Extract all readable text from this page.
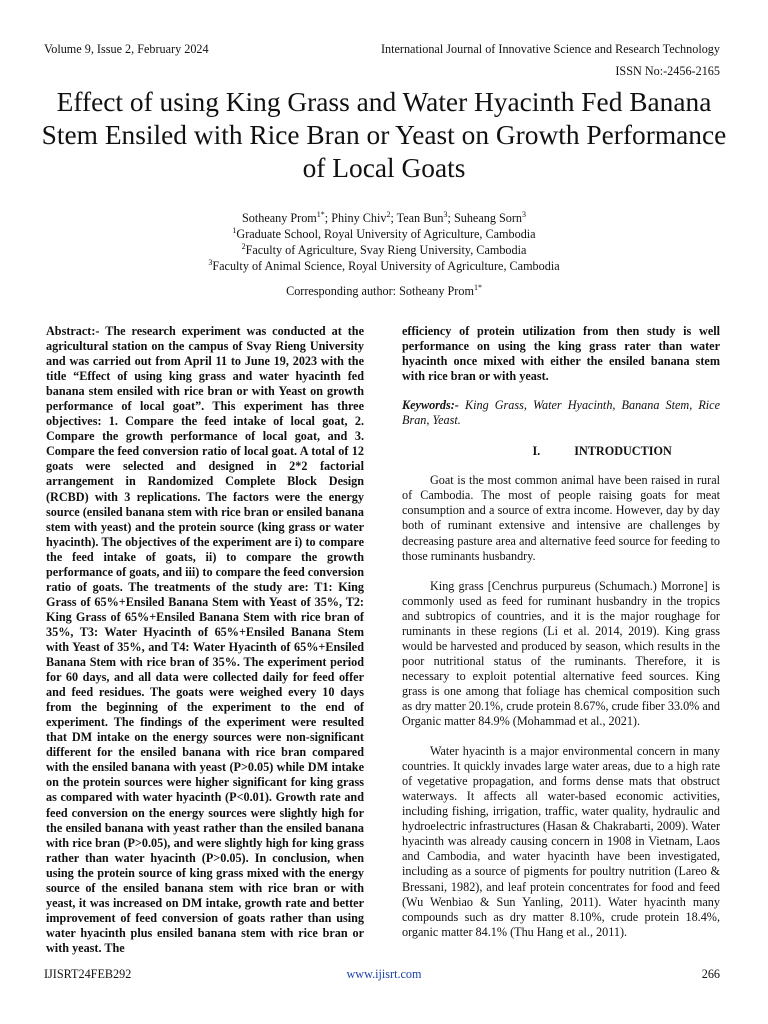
Volume 9, Issue 2, February 2024	International Journal of Innovative Science and Research Technology
ISSN No:-2456-2165
Effect of using King Grass and Water Hyacinth Fed Banana Stem Ensiled with Rice Bran or Yeast on Growth Performance of Local Goats
Sotheany Prom$^{1*}$; Phiny Chiv$^2$; Tean Bun$^3$; Suheang Sorn$^3$
$^1$Graduate School, Royal University of Agriculture, Cambodia
$^2$Faculty of Agriculture, Svay Rieng University, Cambodia
$^3$Faculty of Animal Science, Royal University of Agriculture, Cambodia
Corresponding author: Sotheany Prom$^{1*}$

Abstract:- The research experiment was conducted at the agricultural station on the campus of Svay Rieng University and was carried out from April 11 to June 19, 2023 with the title “Effect of using king grass and water hyacinth fed banana stem ensiled with rice bran or with Yeast on growth performance of local goat”. This experiment has three objectives: 1. Compare the feed intake of local goat, 2. Compare the growth performance of local goat, and 3. Compare the feed conversion ratio of local goat. A total of 12 goats were selected and designed in 2*2 factorial arrangement in Randomized Complete Block Design (RCBD) with 3 replications. The factors were the energy source (ensiled banana stem with rice bran or ensiled banana stem with yeast) and the protein source (king grass or water hyacinth). The objectives of the experiment are i) to compare the feed intake of goats, ii) to compare the growth performance of goats, and iii) to compare the feed conversion ratio of goats. The treatments of the study are: T1: King Grass of 65%+Ensiled Banana Stem with Yeast of 35%, T2: King Grass of 65%+Ensiled Banana Stem with rice bran of 35%, T3: Water Hyacinth of 65%+Ensiled Banana Stem with Yeast of 35%, and T4: Water Hyacinth of 65%+Ensiled Banana Stem with rice bran of 35%. The experiment period for 60 days, and all data were collected daily for feed offer and feed residues. The goats were weighed every 10 days from the beginning of the experiment to the end of experiment. The findings of the experiment were resulted that DM intake on the energy sources were non-significant different for the ensiled banana with rice bran compared with the ensiled banana with yeast (P>0.05) while DM intake on the protein sources were higher significant for king grass as compared with water hyacinth (P<0.01). Growth rate and feed conversion on the energy sources were slightly high for the ensiled banana with yeast rather than the ensiled banana with rice bran (P>0.05), and were slightly high for king grass rather than water hyacinth (P>0.05). In conclusion, when using the protein source of king grass mixed with the energy source of the ensiled banana stem with rice bran or with yeast, it was increased on DM intake, growth rate and better improvement of feed conversion of goats rather than using water hyacinth plus ensiled banana stem with rice bran or with yeast. The

efficiency of protein utilization from then study is well performance on using the king grass rater than water hyacinth once mixed with either the ensiled banana stem with rice bran or with yeast.

Keywords:- King Grass, Water Hyacinth, Banana Stem, Rice Bran, Yeast.

I.	INTRODUCTION

Goat is the most common animal have been raised in rural of Cambodia. The most of people raising goats for meat consumption and a source of extra income. However, day by day both of ruminant extensive and intensive are challenges by decreasing pasture area and alternative feed source for feeding to those ruminants husbandry.

King grass [Cenchrus purpureus (Schumach.) Morrone] is commonly used as feed for ruminant husbandry in the tropics and subtropics of countries, and it is the major roughage for ruminants in these regions (Li et al. 2014, 2019). King grass would be harvested and produced by season, which results in the poor nutritional status of the ruminants. Therefore, it is necessary to exploit potential alternative feed sources. King grass is one among that foliage has chemical composition such as dry matter 20.1%, crude protein 8.67%, crude fiber 33.0% and Organic matter 84.9% (Mohammad et al., 2021).

Water hyacinth is a major environmental concern in many countries. It quickly invades large water areas, due to a high rate of vegetative propagation, and forms dense mats that obstruct waterways. It affects all water-based economic activities, including fishing, irrigation, traffic, water quality, hydraulic and hydroelectric infrastructures (Hasan & Chakrabarti, 2009). Water hyacinth was already causing concern in 1908 in Vietnam, Laos and Cambodia, and water hyacinth have been investigated, including as a source of pigments for poultry nutrition (Lareo & Bressani, 1982), and leaf protein concentrates for food and feed (Wu Wenbiao & Sun Yanling, 2011). Water hyacinth many compounds such as dry matter 8.10%, crude protein 18.4%, organic matter 84.1% (Thu Hang et al., 2011).

IJISRT24FEB292	www.ijisrt.com	266
